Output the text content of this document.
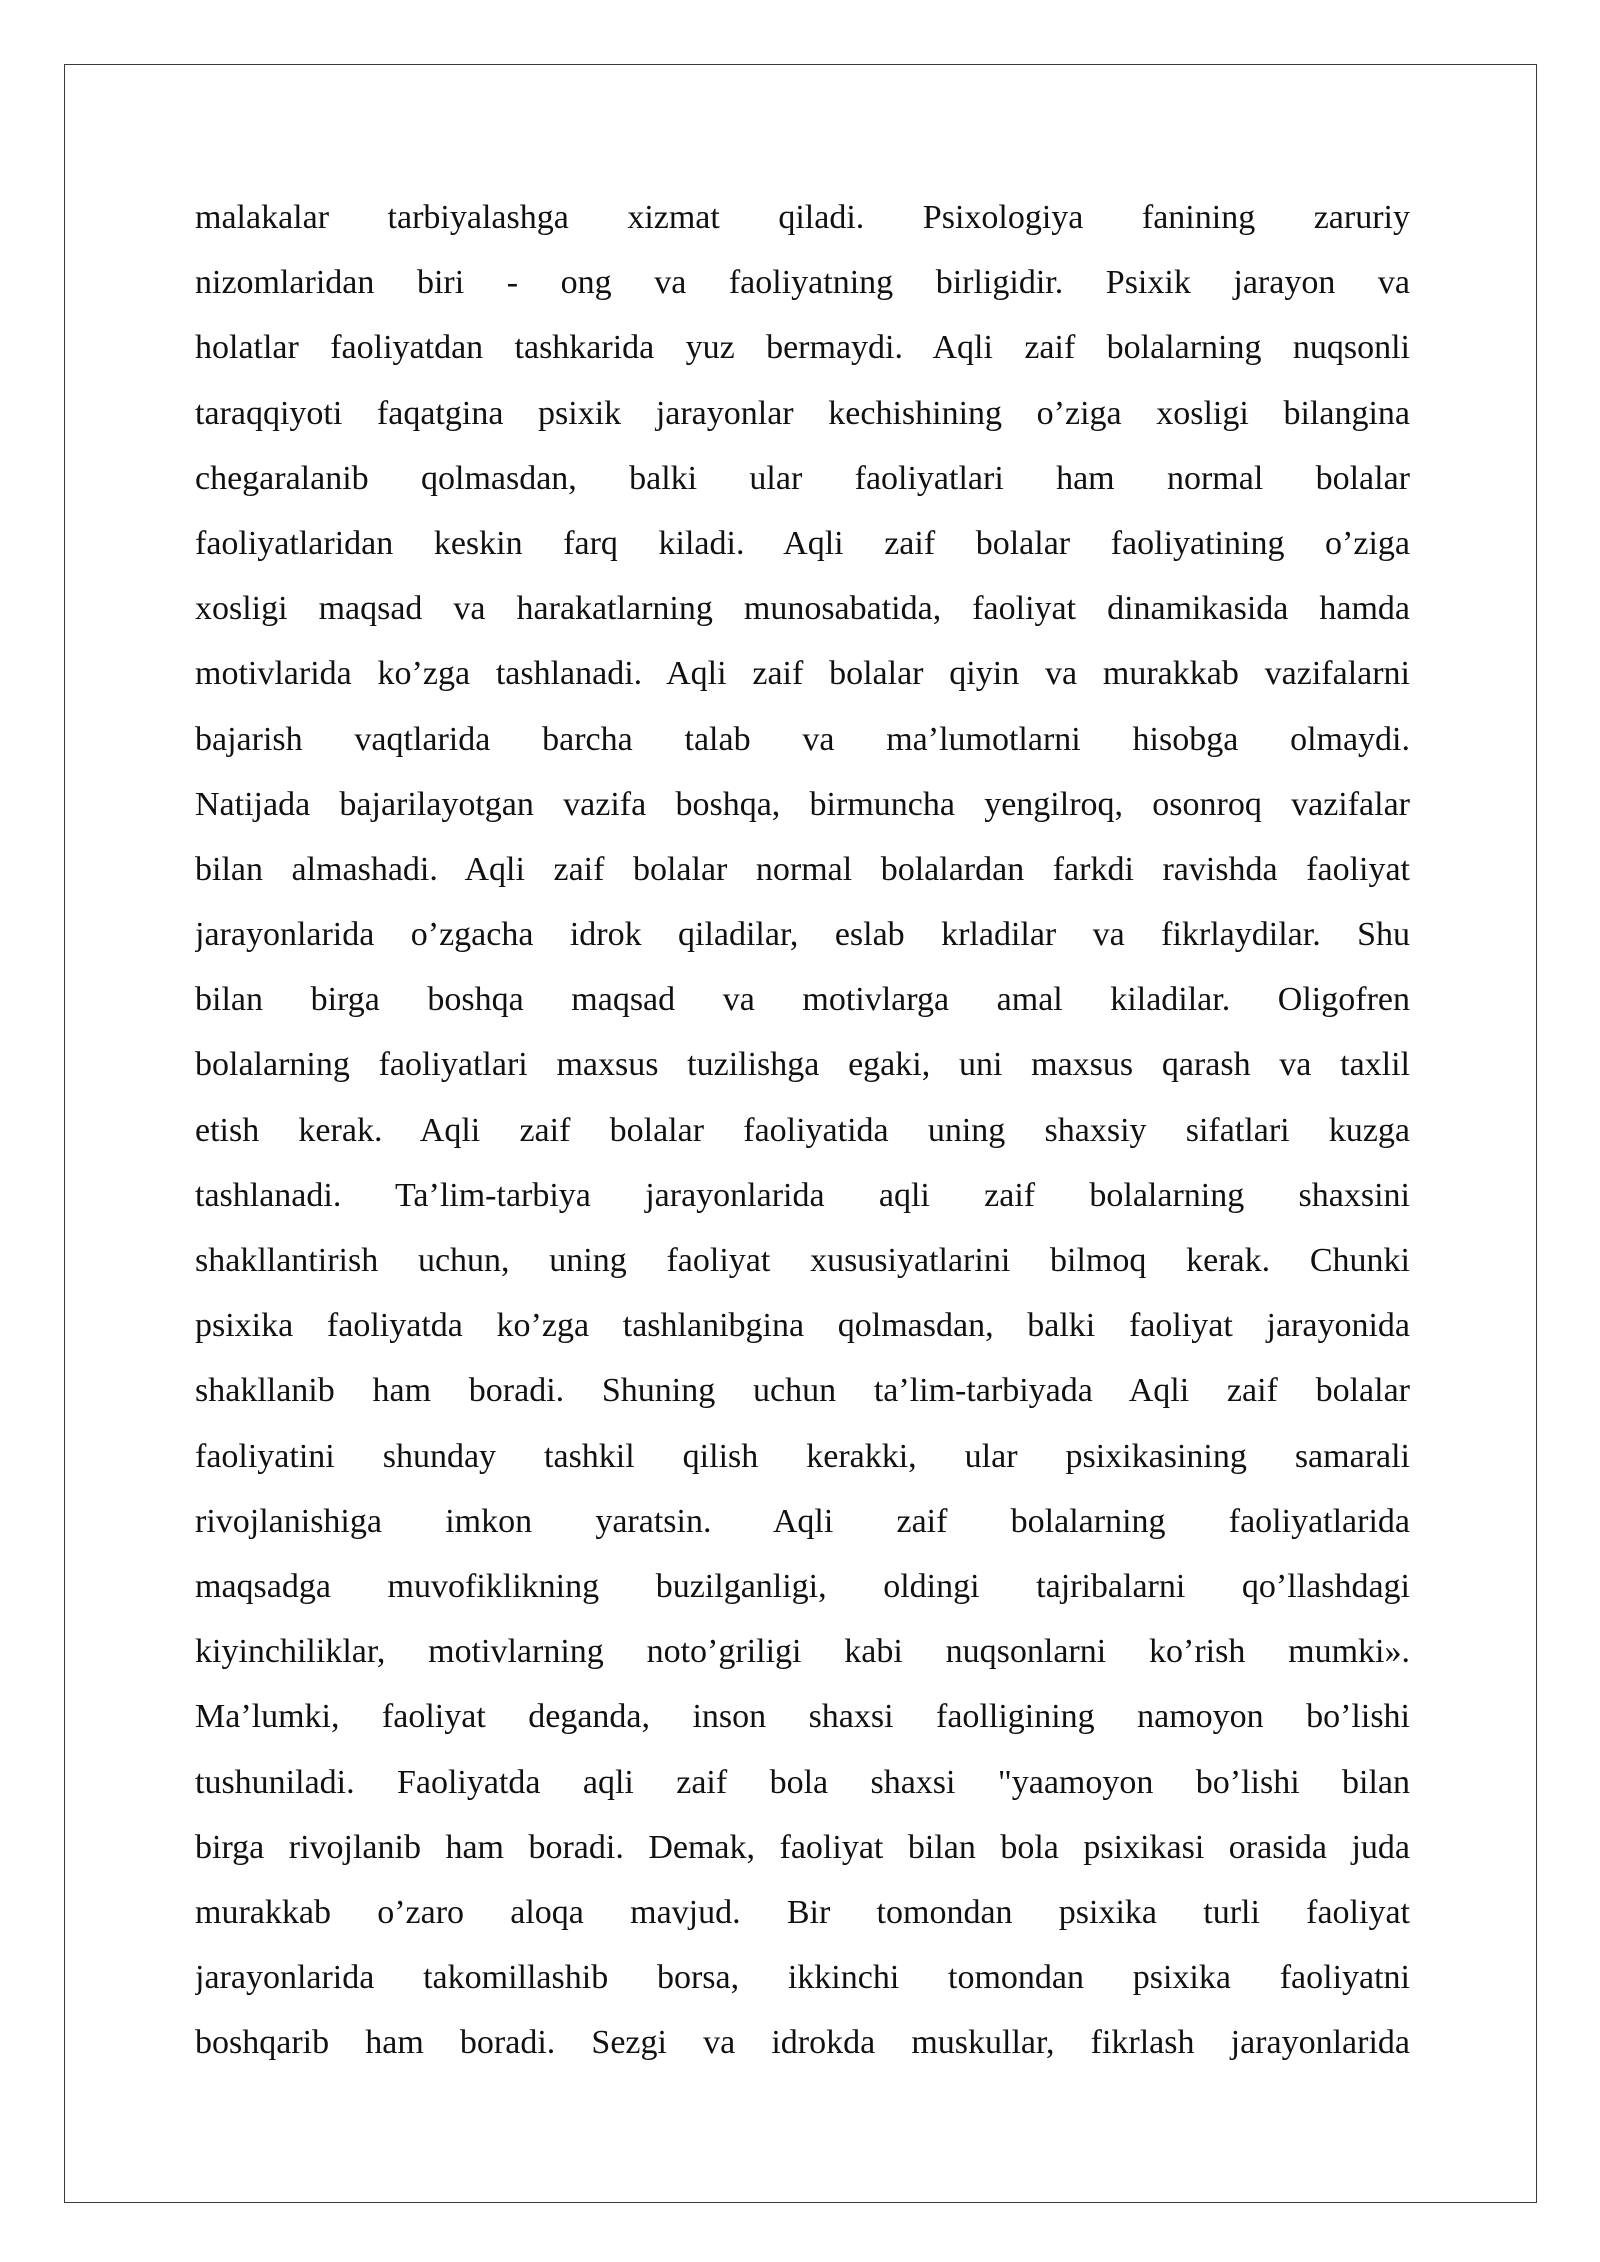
malakalar tarbiyalashga xizmat qiladi. Psixologiya fanining zaruriy
nizomlaridan biri - ong va faoliyatning birligidir. Psixik jarayon va
holatlar faoliyatdan tashkarida yuz bermaydi. Aqli zaif bolalarning nuqsonli
taraqqiyoti faqatgina psixik jarayonlar kechishining o’ziga xosligi bilangina
chegaralanib qolmasdan, balki ular faoliyatlari ham normal bolalar
faoliyatlaridan keskin farq kiladi. Aqli zaif bolalar faoliyatining o’ziga
xosligi maqsad va harakatlarning munosabatida, faoliyat dinamikasida hamda
motivlarida ko’zga tashlanadi. Aqli zaif bolalar qiyin va murakkab vazifalarni
bajarish vaqtlarida barcha talab va ma’lumotlarni hisobga olmaydi.
Natijada bajarilayotgan vazifa boshqa, birmuncha yengilroq, osonroq vazifalar
bilan almashadi. Aqli zaif bolalar normal bolalardan farkdi ravishda faoliyat
jarayonlarida o’zgacha idrok qiladilar, eslab krladilar va fikrlaydilar. Shu
bilan birga boshqa maqsad va motivlarga amal kiladilar. Oligofren
bolalarning faoliyatlari maxsus tuzilishga egaki, uni maxsus qarash va taxlil
etish kerak. Aqli zaif bolalar faoliyatida uning shaxsiy sifatlari kuzga
tashlanadi. Ta’lim-tarbiya jarayonlarida aqli zaif bolalarning shaxsini
shakllantirish uchun, uning faoliyat xususiyatlarini bilmoq kerak. Chunki
psixika faoliyatda ko’zga tashlanibgina qolmasdan, balki faoliyat jarayonida
shakllanib ham boradi. Shuning uchun ta’lim-tarbiyada Aqli zaif bolalar
faoliyatini shunday tashkil qilish kerakki, ular psixikasining samarali
rivojlanishiga imkon yaratsin. Aqli zaif bolalarning faoliyatlarida
maqsadga muvofiklikning buzilganligi, oldingi tajribalarni qo’llashdagi
kiyinchiliklar, motivlarning noto’griligi kabi nuqsonlarni ko’rish mumki».
Ma’lumki, faoliyat deganda, inson shaxsi faolligining namoyon bo’lishi
tushuniladi. Faoliyatda aqli zaif bola shaxsi "yaamoyon bo’lishi bilan
birga rivojlanib ham boradi. Demak, faoliyat bilan bola psixikasi orasida juda
murakkab o’zaro aloqa mavjud. Bir tomondan psixika turli faoliyat
jarayonlarida takomillashib borsa, ikkinchi tomondan psixika faoliyatni
boshqarib ham boradi. Sezgi va idrokda muskullar, fikrlash jarayonlarida
